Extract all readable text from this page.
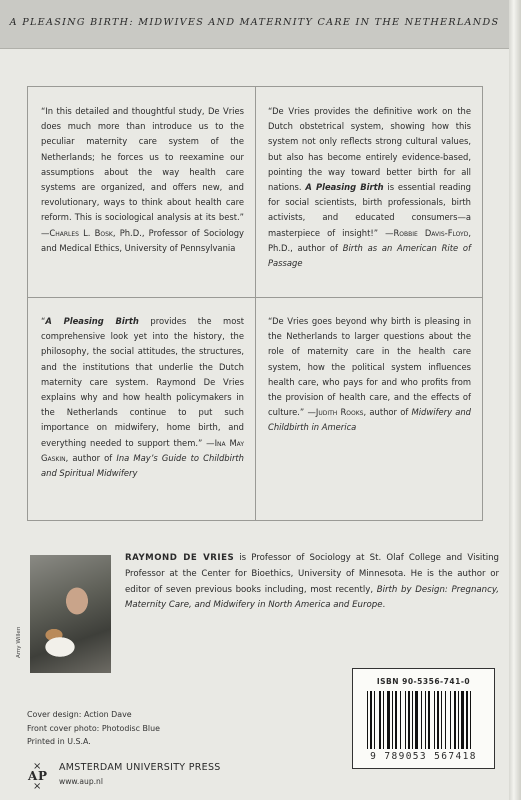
A PLEASING BIRTH: MIDWIVES AND MATERNITY CARE IN THE NETHERLANDS
“In this detailed and thoughtful study, De Vries does much more than introduce us to the peculiar maternity care system of the Netherlands; he forces us to reexamine our assumptions about the way health care systems are organized, and offers new, and revolutionary, ways to think about health care reform. This is sociological analysis at its best.” —Charles L. Bosk, Ph.D., Professor of Sociology and Medical Ethics, University of Pennsylvania
“De Vries provides the definitive work on the Dutch obstetrical system, showing how this system not only reflects strong cultural values, but also has become entirely evidence-based, pointing the way toward better birth for all nations. A Pleasing Birth is essential reading for social scientists, birth professionals, birth activists, and educated consumers—a masterpiece of insight!” —Robbie Davis-Floyd, Ph.D., author of Birth as an American Rite of Passage
“A Pleasing Birth provides the most comprehensive look yet into the history, the philosophy, the social attitudes, the structures, and the institutions that underlie the Dutch maternity care system. Raymond De Vries explains why and how health policymakers in the Netherlands continue to put such importance on midwifery, home birth, and everything needed to support them.” —Ina May Gaskin, author of Ina May’s Guide to Childbirth and Spiritual Midwifery
“De Vries goes beyond why birth is pleasing in the Netherlands to larger questions about the role of maternity care in the health care system, how the political system influences health care, who pays for and who profits from the provision of health care, and the effects of culture.” —Judith Rooks, author of Midwifery and Childbirth in America
Amy Willen
RAYMOND DE VRIES is Professor of Sociology at St. Olaf College and Visiting Professor at the Center for Bioethics, University of Minnesota. He is the author or editor of seven previous books including, most recently, Birth by Design: Pregnancy, Maternity Care, and Midwifery in North America and Europe.
ISBN 90-5356-741-0
9 789053 567418
Cover design: Action Dave
Front cover photo: Photodisc Blue
Printed in U.S.A.
×
A P
×
AMSTERDAM UNIVERSITY PRESS
www.aup.nl
